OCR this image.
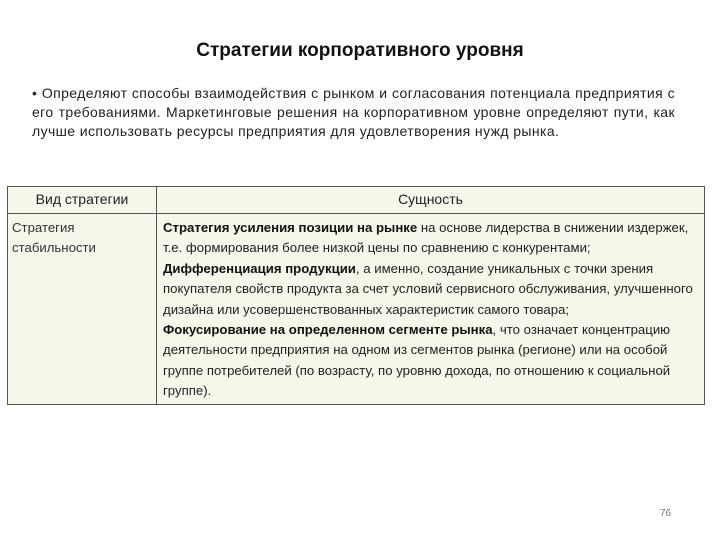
Стратегии корпоративного уровня
• Определяют способы взаимодействия с рынком и согласования потенциала предприятия с его требованиями. Маркетинговые решения на корпоративном уровне определяют пути, как лучше использовать ресурсы предприятия для удовлетворения нужд рынка.
Вид стратегии	Сущность
Стратегия стабильности	Стратегия усиления позиции на рынке на основе лидерства в снижении издержек, т.е. формирования более низкой цены по сравнению с конкурентами;
Дифференциация продукции, а именно, создание уникальных с точки зрения покупателя свойств продукта за счет условий сервисного обслуживания, улучшенного дизайна или усовершенствованных характеристик самого товара;
Фокусирование на определенном сегменте рынка, что означает концентрацию деятельности предприятия на одном из сегментов рынка (регионе) или на особой группе потребителей (по возрасту, по уровню дохода, по отношению к социальной группе).
76
